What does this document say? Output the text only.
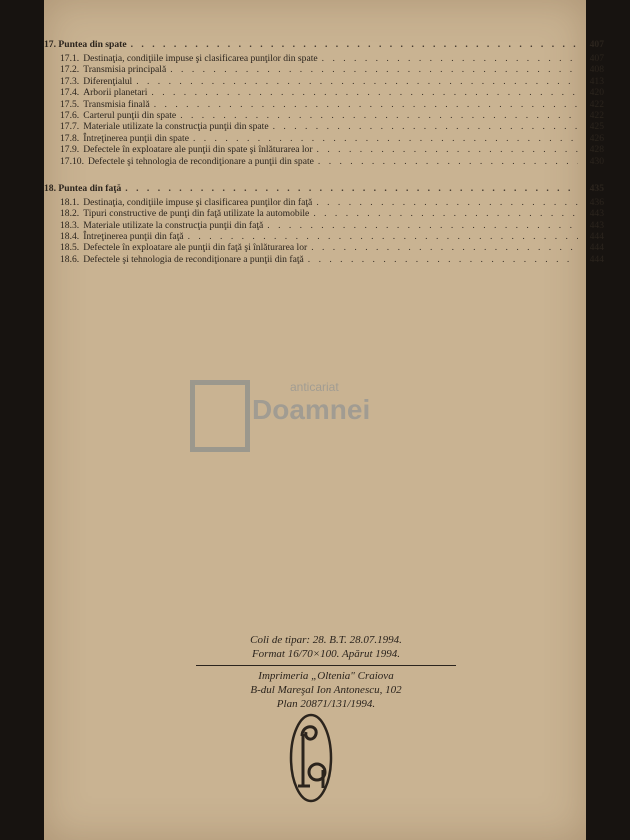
17. Puntea din spate . . .	407
17.1. Destinaţia, condiţiile impuse şi clasificarea punţilor din spate . . .	407
17.2. Transmisia principală . . .	408
17.3. Diferenţialul . . .	413
17.4. Arborii planetari . . .	420
17.5. Transmisia finală . . .	422
17.6. Carterul punţii din spate . . .	422
17.7. Materiale utilizate la construcţia punţii din spate . . .	425
17.8. Întreţinerea punţii din spate . . .	426
17.9. Defectele în exploatare ale punţii din spate şi înlăturarea lor . . .	428
17.10. Defectele şi tehnologia de recondiţionare a punţii din spate . . .	430
18. Puntea din faţă . . .	435
18.1. Destinaţia, condiţiile impuse şi clasificarea punţilor din faţă . . .	436
18.2. Tipuri constructive de punţi din faţă utilizate la automobile . . .	443
18.3. Materiale utilizate la construcţia punţii din faţă . . .	443
18.4. Întreţinerea punţii din faţă . . .	444
18.5. Defectele în exploatare ale punţii din faţă şi înlăturarea lor . . .	444
18.6. Defectele şi tehnologia de recondiţionare a punţii din faţă . . .	444
anticariat
Doamnei
Coli de tipar: 28. B.T. 28.07.1994.
Format 16/70×100. Apărut 1994.
Imprimeria „Oltenia" Craiova
B-dul Mareşal Ion Antonescu, 102
Plan 20871/131/1994.
